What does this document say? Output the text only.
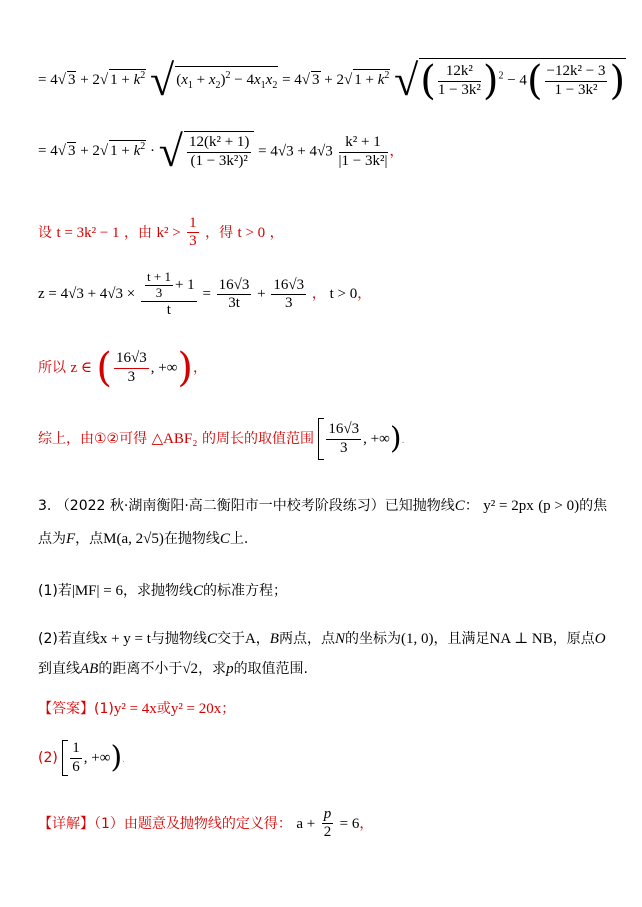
= 4√ 3 + 2√ $1 + k^2$ √ $(x_1 + x_2)^2 - 4x_1x_2 = 4√$ 3 + 2√ $1 + k^2$ √( $\frac{\text{12k²}}{\text{1 − 3k²}} )^2 - 4( \frac{\text{−12k² − 3}}{\text{1 − 3k²}}$ )
= 4√ 3 + 2√ $1 + k^2$ · √ $\frac{\text{12(k² + 1)}}{\text{(1 − 3k²)²}} = 4√3 + 4√3 \frac{\text{k² + 1}}{\text{|1 − 3k²|}}$ ，
设 t = 3k² − 1 ，由 $k^2 > \frac{1}{3}$ ，得 t > 0 ，
$z = 4√3 + 4√3 \times \frac{\frac{t + 1}{3} + 1}{t} = \frac{16√3}{3t} + \frac{16√3}{3}$ ， t > 0，
所以 z ∈ ( $\frac{16√3}{3}$ , +∞)，
综上，由①②可得 △ABF₂ 的周长的取值范围 $\frac{16√3}{3}$ , +∞).
3. （2022 秋·湖南衡阳·高二衡阳市一中校考阶段练习）已知抛物线C： y² = 2px (p > 0)的焦
点为F，点M(a, 2√5)在抛物线C上.
(1)若|MF| = 6，求抛物线C的标准方程；
(2)若直线x + y = t与抛物线C交于A，B两点，点N的坐标为(1, 0)，且满足NA ⊥ NB，原点O
到直线AB的距离不小于√2，求p的取值范围.
【答案】(1)y² = 4x或y² = 20x；
$(2) \frac{1}{6}$ , +∞).
【详解】（1）由题意及抛物线的定义得： $a + \frac{p}{2} = 6$，
